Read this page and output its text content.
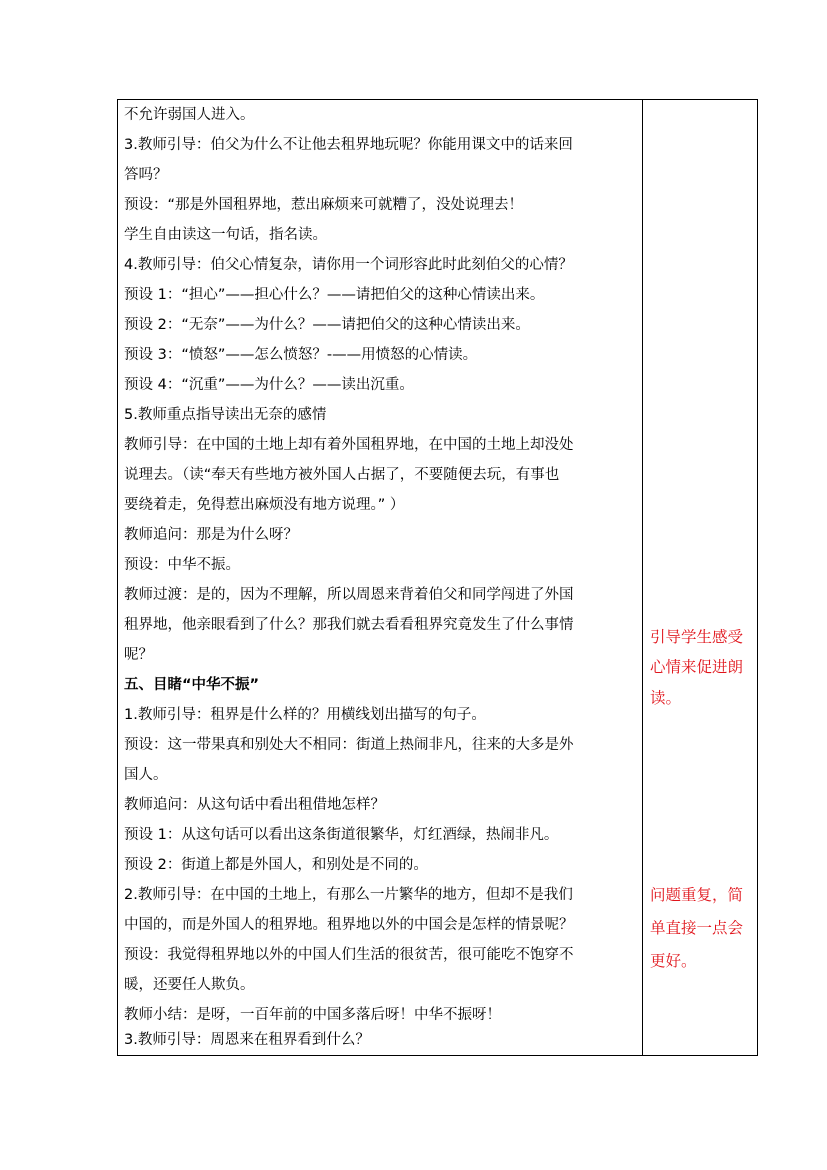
不允许弱国人进入。
3.教师引导：伯父为什么不让他去租界地玩呢？你能用课文中的话来回
答吗？
预设：“那是外国租界地，惹出麻烦来可就糟了，没处说理去！
学生自由读这一句话，指名读。
4.教师引导：伯父心情复杂，请你用一个词形容此时此刻伯父的心情？
预设 1：“担心”——担心什么？——请把伯父的这种心情读出来。
预设 2：“无奈”——为什么？——请把伯父的这种心情读出来。
预设 3：“愤怒”——怎么愤怒？-——用愤怒的心情读。
预设 4：“沉重”——为什么？——读出沉重。
5.教师重点指导读出无奈的感情
教师引导：在中国的土地上却有着外国租界地，在中国的土地上却没处
说理去。（读“奉天有些地方被外国人占据了，不要随便去玩，有事也
要绕着走，免得惹出麻烦没有地方说理。” ）
教师追问：那是为什么呀？
预设：中华不振。
教师过渡：是的，因为不理解，所以周恩来背着伯父和同学闯进了外国
租界地，他亲眼看到了什么？那我们就去看看租界究竟发生了什么事情
呢？
五、目睹“中华不振”
1.教师引导：租界是什么样的？用横线划出描写的句子。
预设：这一带果真和别处大不相同：街道上热闹非凡，往来的大多是外
国人。
教师追问：从这句话中看出租借地怎样？
预设 1：从这句话可以看出这条街道很繁华，灯红酒绿，热闹非凡。
预设 2：街道上都是外国人，和别处是不同的。
2.教师引导：在中国的土地上，有那么一片繁华的地方，但却不是我们
中国的，而是外国人的租界地。租界地以外的中国会是怎样的情景呢？
预设：我觉得租界地以外的中国人们生活的很贫苦，很可能吃不饱穿不
暖，还要任人欺负。
教师小结：是呀，一百年前的中国多落后呀！中华不振呀！
3.教师引导：周恩来在租界看到什么？
引导学生感受
心情来促进朗
读。
问题重复，简
单直接一点会
更好。
